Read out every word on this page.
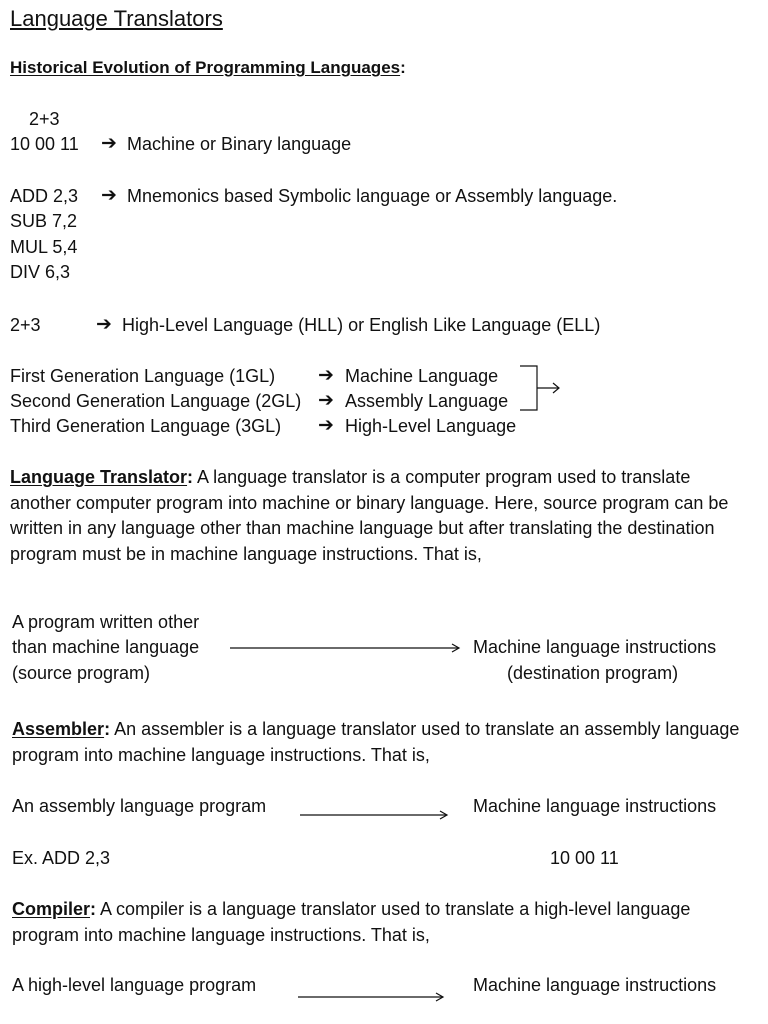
Language Translators
Historical Evolution of Programming Languages:
2+3
10 00 11 ➔ Machine or Binary language
ADD 2,3 ➔ Mnemonics based Symbolic language or Assembly language.
SUB 7,2
MUL 5,4
DIV 6,3
2+3	➔ High-Level Language (HLL) or English Like Language (ELL)
First Generation Language (1GL) ➔ Machine Language
Second Generation Language (2GL) ➔ Assembly Language
Third Generation Language (3GL) ➔ High-Level Language
Language Translator: A language translator is a computer program used to translate another computer program into machine or binary language. Here, source program can be written in any language other than machine language but after translating the destination program must be in machine language instructions. That is,
A program written other
than machine language
(source program)
Machine language instructions
(destination program)
Assembler: An assembler is a language translator used to translate an assembly language program into machine language instructions. That is,
An assembly language program	Machine language instructions
Ex. ADD 2,3	10 00 11
Compiler: A compiler is a language translator used to translate a high-level language program into machine language instructions. That is,
A high-level language program	Machine language instructions
